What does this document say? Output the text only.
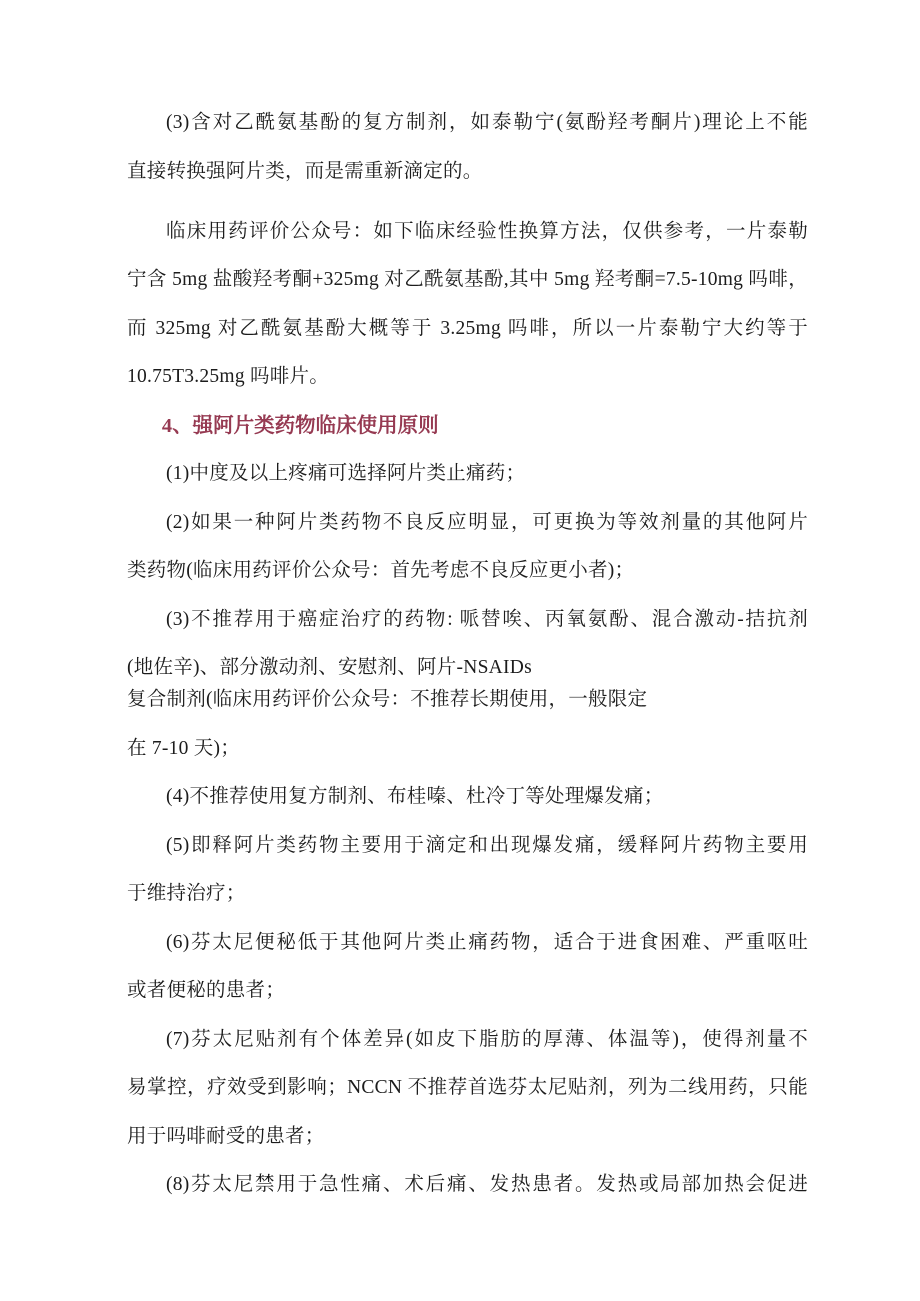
(3)含对乙酰氨基酚的复方制剂，如泰勒宁(氨酚羟考酮片)理论上不能
直接转换强阿片类，而是需重新滴定的。
临床用药评价公众号：如下临床经验性换算方法，仅供参考，一片泰勒
宁含 5mg 盐酸羟考酮+325mg 对乙酰氨基酚,其中 5mg 羟考酮=7.5-10mg 吗啡，
而 325mg 对乙酰氨基酚大概等于 3.25mg 吗啡，所以一片泰勒宁大约等于
10.75T3.25mg 吗啡片。
4、强阿片类药物临床使用原则
(1)中度及以上疼痛可选择阿片类止痛药；
(2)如果一种阿片类药物不良反应明显，可更换为等效剂量的其他阿片
类药物(临床用药评价公众号：首先考虑不良反应更小者)；
(3)不推荐用于癌症治疗的药物: 哌替唉、丙氧氨酚、混合激动-拮抗剂
(地佐辛)、部分激动剂、安慰剂、阿片-NSAIDs
复合制剂(临床用药评价公众号：不推荐长期使用，一般限定
在 7-10 天)；
(4)不推荐使用复方制剂、布桂嗪、杜冷丁等处理爆发痛；
(5)即释阿片类药物主要用于滴定和出现爆发痛，缓释阿片药物主要用
于维持治疗；
(6)芬太尼便秘低于其他阿片类止痛药物，适合于进食困难、严重呕吐
或者便秘的患者；
(7)芬太尼贴剂有个体差异(如皮下脂肪的厚薄、体温等)，使得剂量不
易掌控，疗效受到影响；NCCN 不推荐首选芬太尼贴剂，列为二线用药，只能
用于吗啡耐受的患者；
(8)芬太尼禁用于急性痛、术后痛、发热患者。发热或局部加热会促进
